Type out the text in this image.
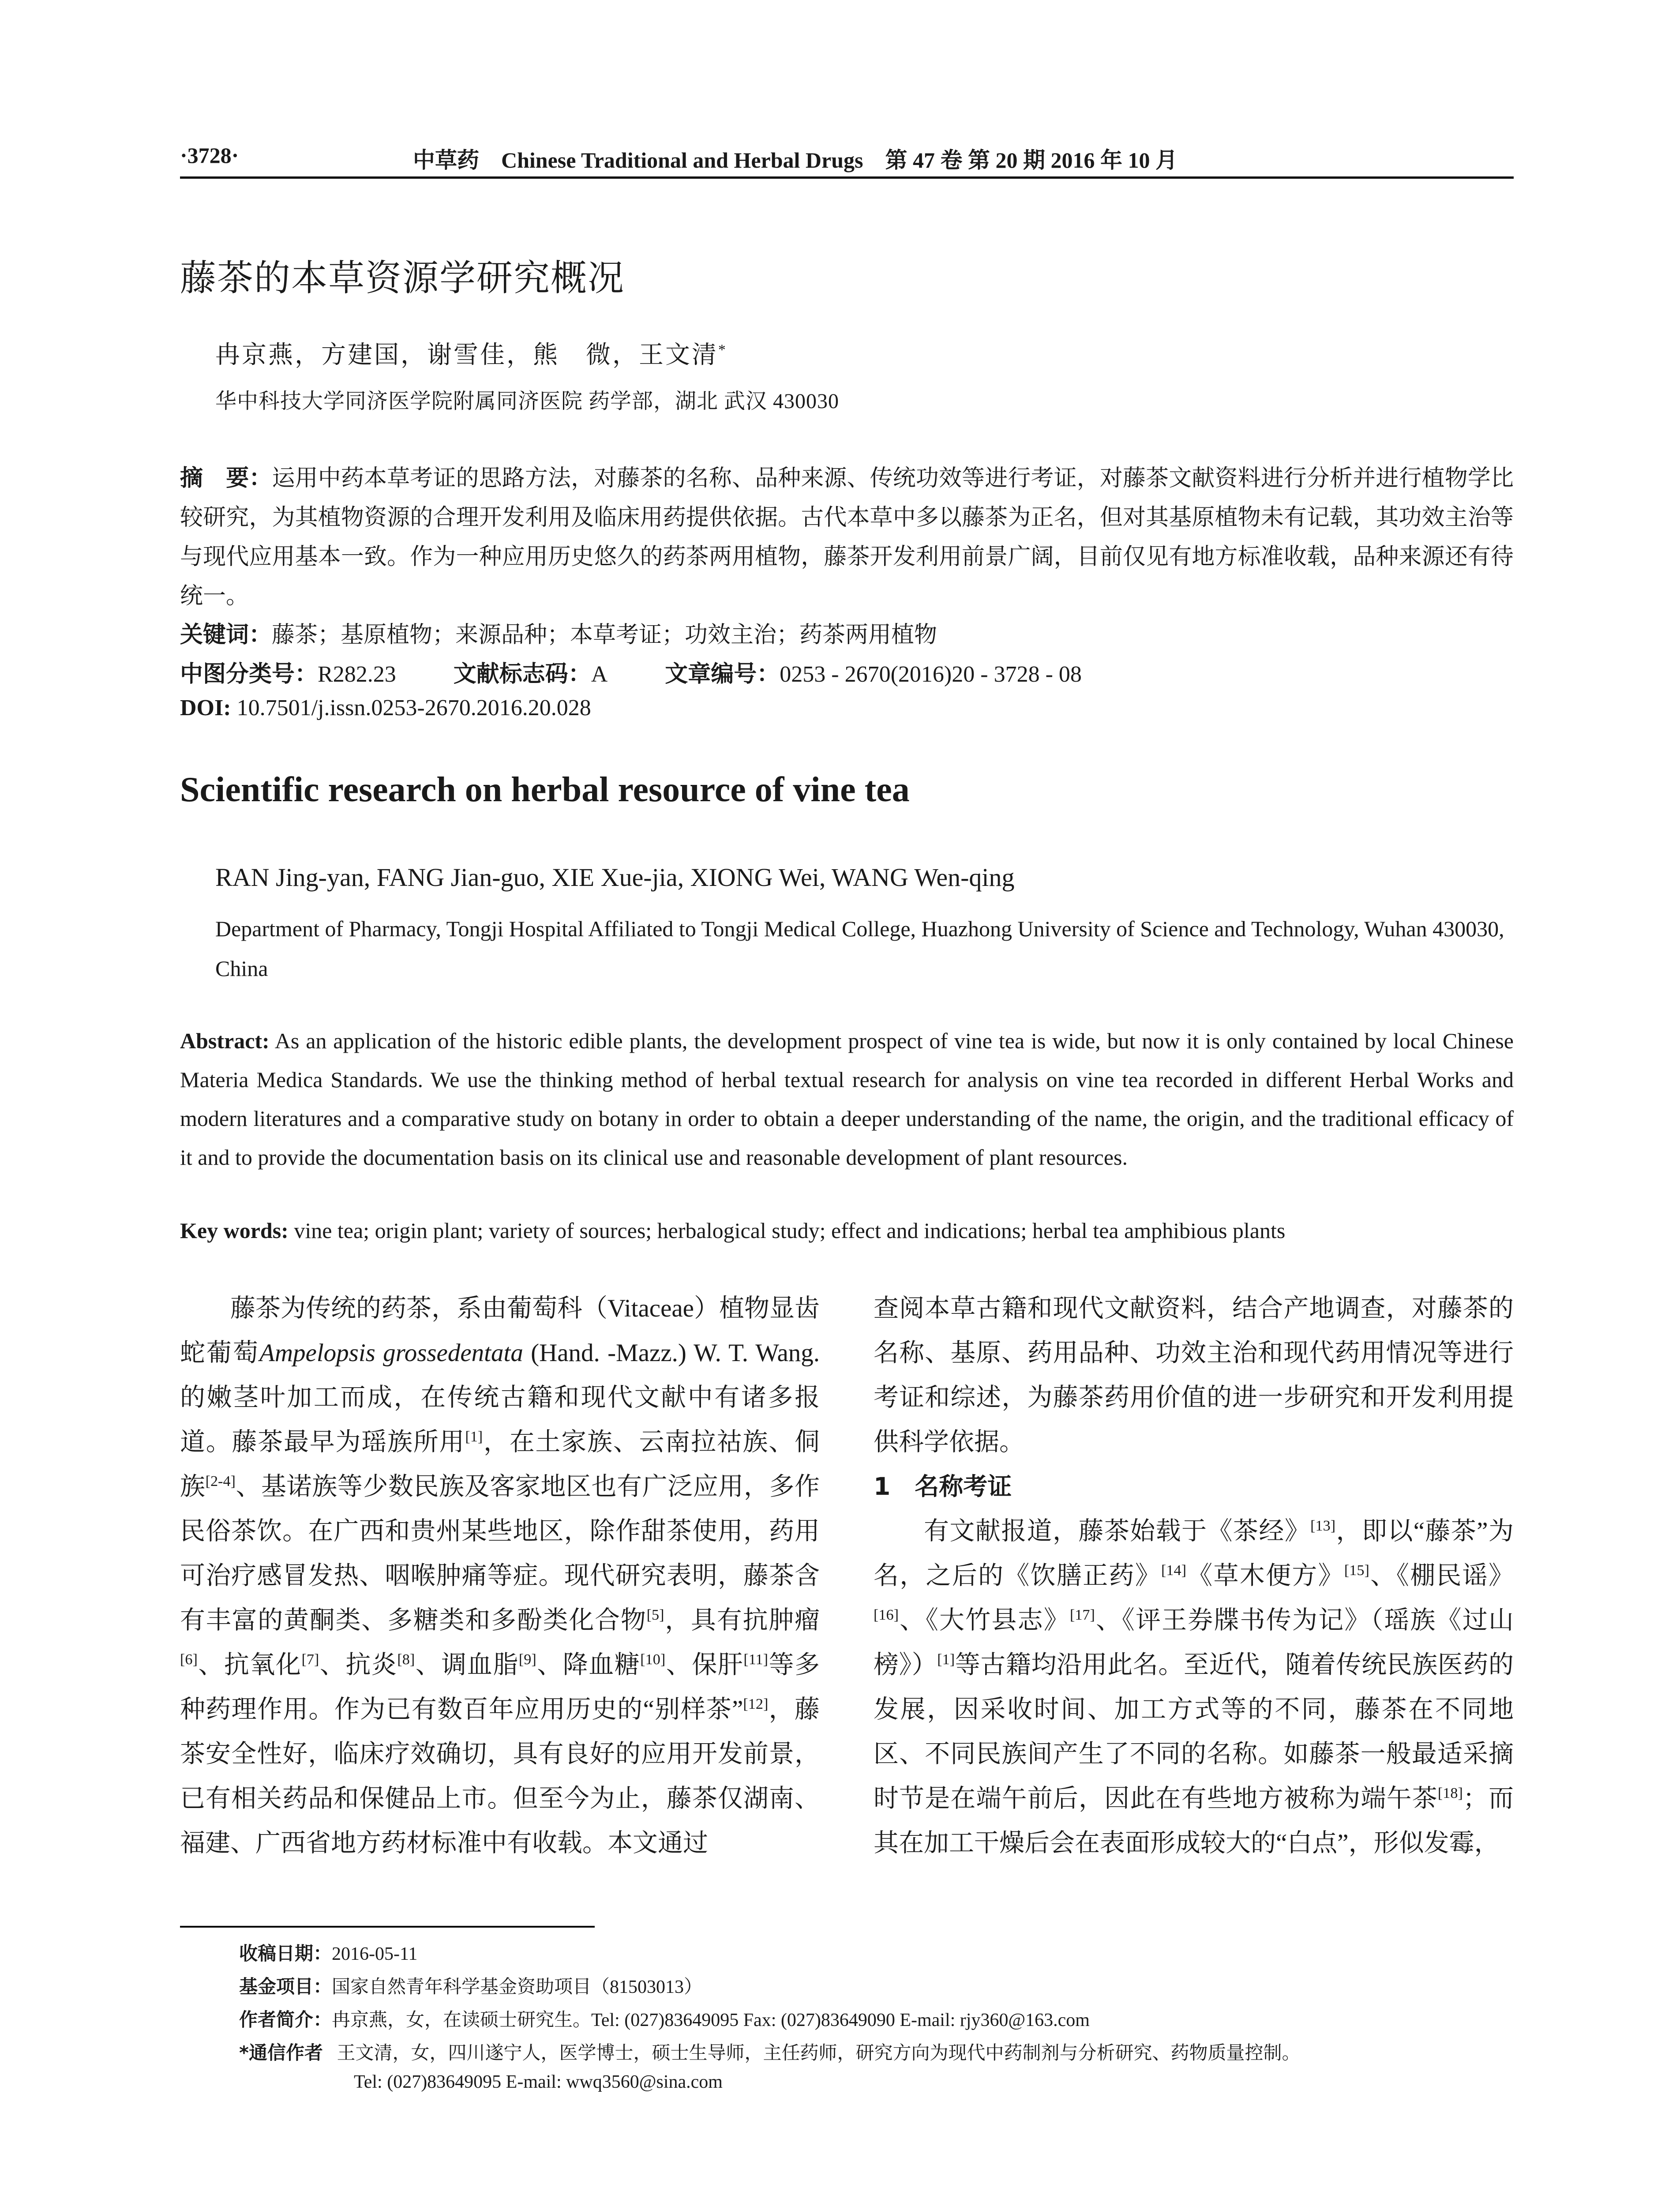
·3728·	中草药 Chinese Traditional and Herbal Drugs 第 47 卷 第 20 期 2016 年 10 月
藤茶的本草资源学研究概况
冉京燕，方建国，谢雪佳，熊　微，王文清*
华中科技大学同济医学院附属同济医院 药学部，湖北 武汉 430030
摘　要：运用中药本草考证的思路方法，对藤茶的名称、品种来源、传统功效等进行考证，对藤茶文献资料进行分析并进行植物学比较研究，为其植物资源的合理开发利用及临床用药提供依据。古代本草中多以藤茶为正名，但对其基原植物未有记载，其功效主治等与现代应用基本一致。作为一种应用历史悠久的药茶两用植物，藤茶开发利用前景广阔，目前仅见有地方标准收载，品种来源还有待统一。
关键词：藤茶；基原植物；来源品种；本草考证；功效主治；药茶两用植物
中图分类号：R282.23	文献标志码：A	文章编号：0253 - 2670(2016)20 - 3728 - 08
DOI: 10.7501/j.issn.0253-2670.2016.20.028
Scientific research on herbal resource of vine tea
RAN Jing-yan, FANG Jian-guo, XIE Xue-jia, XIONG Wei, WANG Wen-qing
Department of Pharmacy, Tongji Hospital Affiliated to Tongji Medical College, Huazhong University of Science and Technology, Wuhan 430030, China
Abstract: As an application of the historic edible plants, the development prospect of vine tea is wide, but now it is only contained by local Chinese Materia Medica Standards. We use the thinking method of herbal textual research for analysis on vine tea recorded in different Herbal Works and modern literatures and a comparative study on botany in order to obtain a deeper understanding of the name, the origin, and the traditional efficacy of it and to provide the documentation basis on its clinical use and reasonable development of plant resources.
Key words: vine tea; origin plant; variety of sources; herbalogical study; effect and indications; herbal tea amphibious plants

藤茶为传统的药茶，系由葡萄科（Vitaceae）植物显齿蛇葡萄Ampelopsis grossedentata (Hand. -Mazz.) W. T. Wang. 的嫩茎叶加工而成，在传统古籍和现代文献中有诸多报道。藤茶最早为瑶族所用[1]，在土家族、云南拉祜族、侗族[2-4]、基诺族等少数民族及客家地区也有广泛应用，多作民俗茶饮。在广西和贵州某些地区，除作甜茶使用，药用可治疗感冒发热、咽喉肿痛等症。现代研究表明，藤茶含有丰富的黄酮类、多糖类和多酚类化合物[5]，具有抗肿瘤[6]、抗氧化[7]、抗炎[8]、调血脂[9]、降血糖[10]、保肝[11]等多种药理作用。作为已有数百年应用历史的“别样茶”[12]，藤茶安全性好，临床疗效确切，具有良好的应用开发前景，已有相关药品和保健品上市。但至今为止，藤茶仅湖南、福建、广西省地方药材标准中有收载。本文通过

查阅本草古籍和现代文献资料，结合产地调查，对藤茶的名称、基原、药用品种、功效主治和现代药用情况等进行考证和综述，为藤茶药用价值的进一步研究和开发利用提供科学依据。

1　名称考证

有文献报道，藤茶始载于《茶经》[13]，即以“藤茶”为名，之后的《饮膳正药》[14]《草木便方》[15]、《棚民谣》[16]、《大竹县志》[17]、《评王券牒书传为记》（瑶族《过山榜》）[1]等古籍均沿用此名。至近代，随着传统民族医药的发展，因采收时间、加工方式等的不同，藤茶在不同地区、不同民族间产生了不同的名称。如藤茶一般最适采摘时节是在端午前后，因此在有些地方被称为端午茶[18]；而其在加工干燥后会在表面形成较大的“白点”，形似发霉，

收稿日期：2016-05-11
基金项目：国家自然青年科学基金资助项目（81503013）
作者简介：冉京燕，女，在读硕士研究生。Tel: (027)83649095 Fax: (027)83649090 E-mail: rjy360@163.com
*通信作者 王文清，女，四川遂宁人，医学博士，硕士生导师，主任药师，研究方向为现代中药制剂与分析研究、药物质量控制。
Tel: (027)83649095 E-mail: wwq3560@sina.com
